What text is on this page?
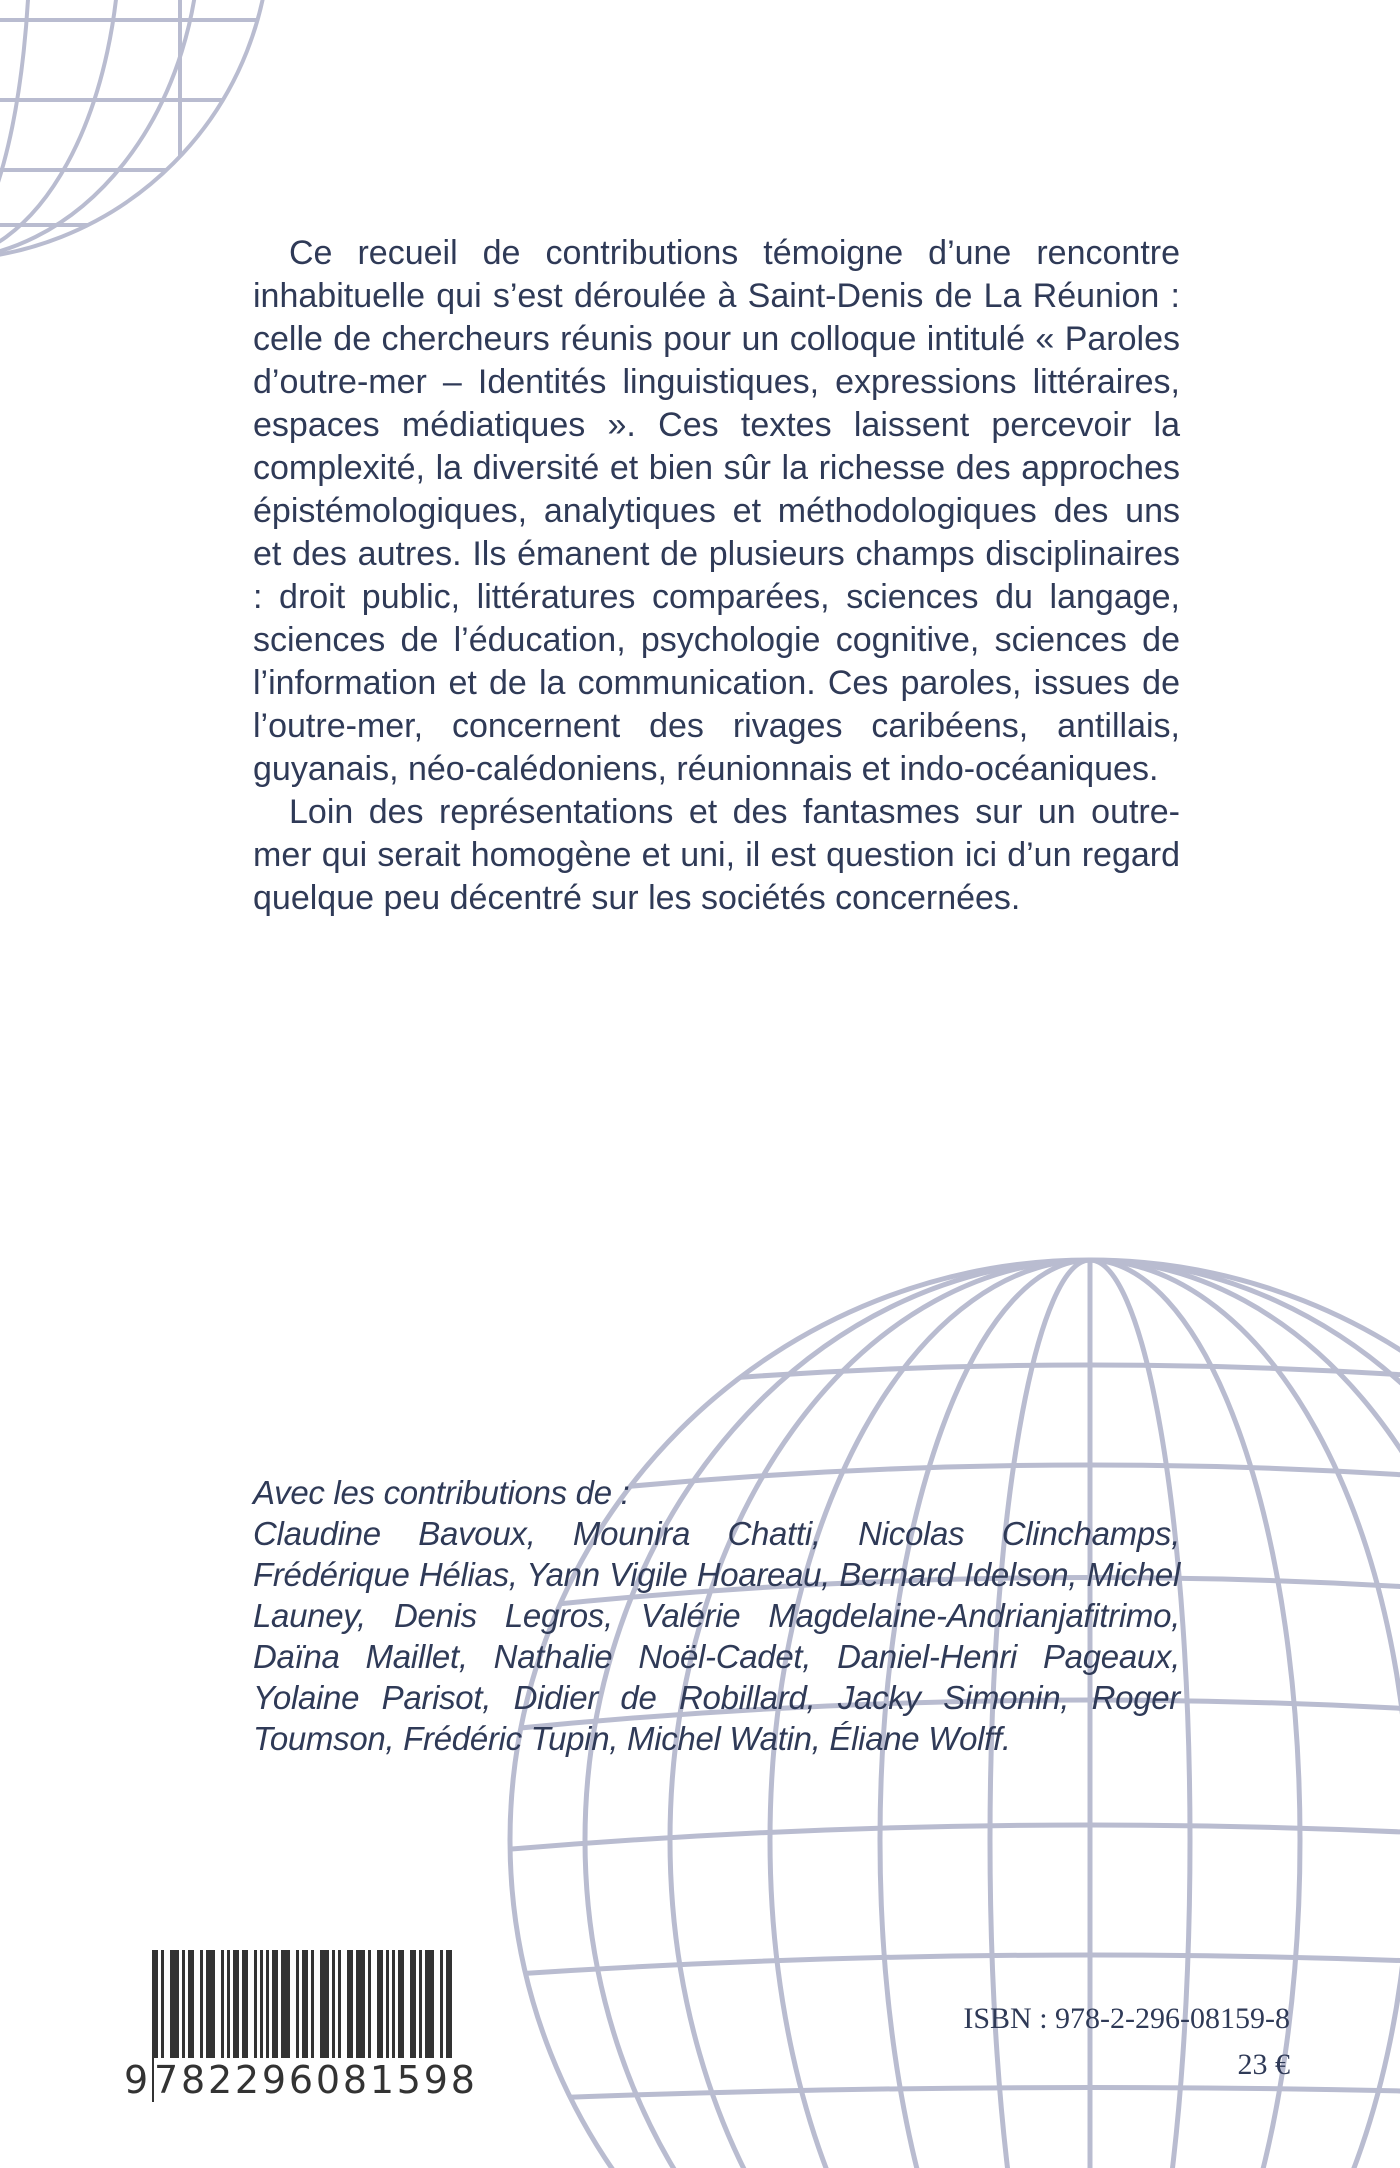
Ce recueil de contributions témoigne d’une rencontre inhabituelle qui s’est déroulée à Saint-Denis de La Réunion : celle de chercheurs réunis pour un colloque intitulé « Paroles d’outre-mer – Identités linguistiques, expressions littéraires, espaces médiatiques ». Ces textes laissent percevoir la complexité, la diversité et bien sûr la richesse des approches épistémologiques, analytiques et méthodologiques des uns et des autres. Ils émanent de plusieurs champs disciplinaires : droit public, littératures comparées, sciences du langage, sciences de l’éducation, psychologie cognitive, sciences de l’information et de la communication. Ces paroles, issues de l’outre-mer, concernent des rivages caribéens, antillais, guyanais, néo-calédoniens, réunionnais et indo-océaniques.

Loin des représentations et des fantasmes sur un outre-mer qui serait homogène et uni, il est question ici d’un regard quelque peu décentré sur les sociétés concernées.

Avec les contributions de :
Claudine Bavoux, Mounira Chatti, Nicolas Clinchamps, Frédérique Hélias, Yann Vigile Hoareau, Bernard Idelson, Michel Launey, Denis Legros, Valérie Magdelaine-Andrianjafitrimo, Daïna Maillet, Nathalie Noël-Cadet, Daniel-Henri Pageaux, Yolaine Parisot, Didier de Robillard, Jacky Simonin, Roger Toumson, Frédéric Tupin, Michel Watin, Éliane Wolff.
9 782296081598
ISBN : 978-2-296-08159-8
23 €
